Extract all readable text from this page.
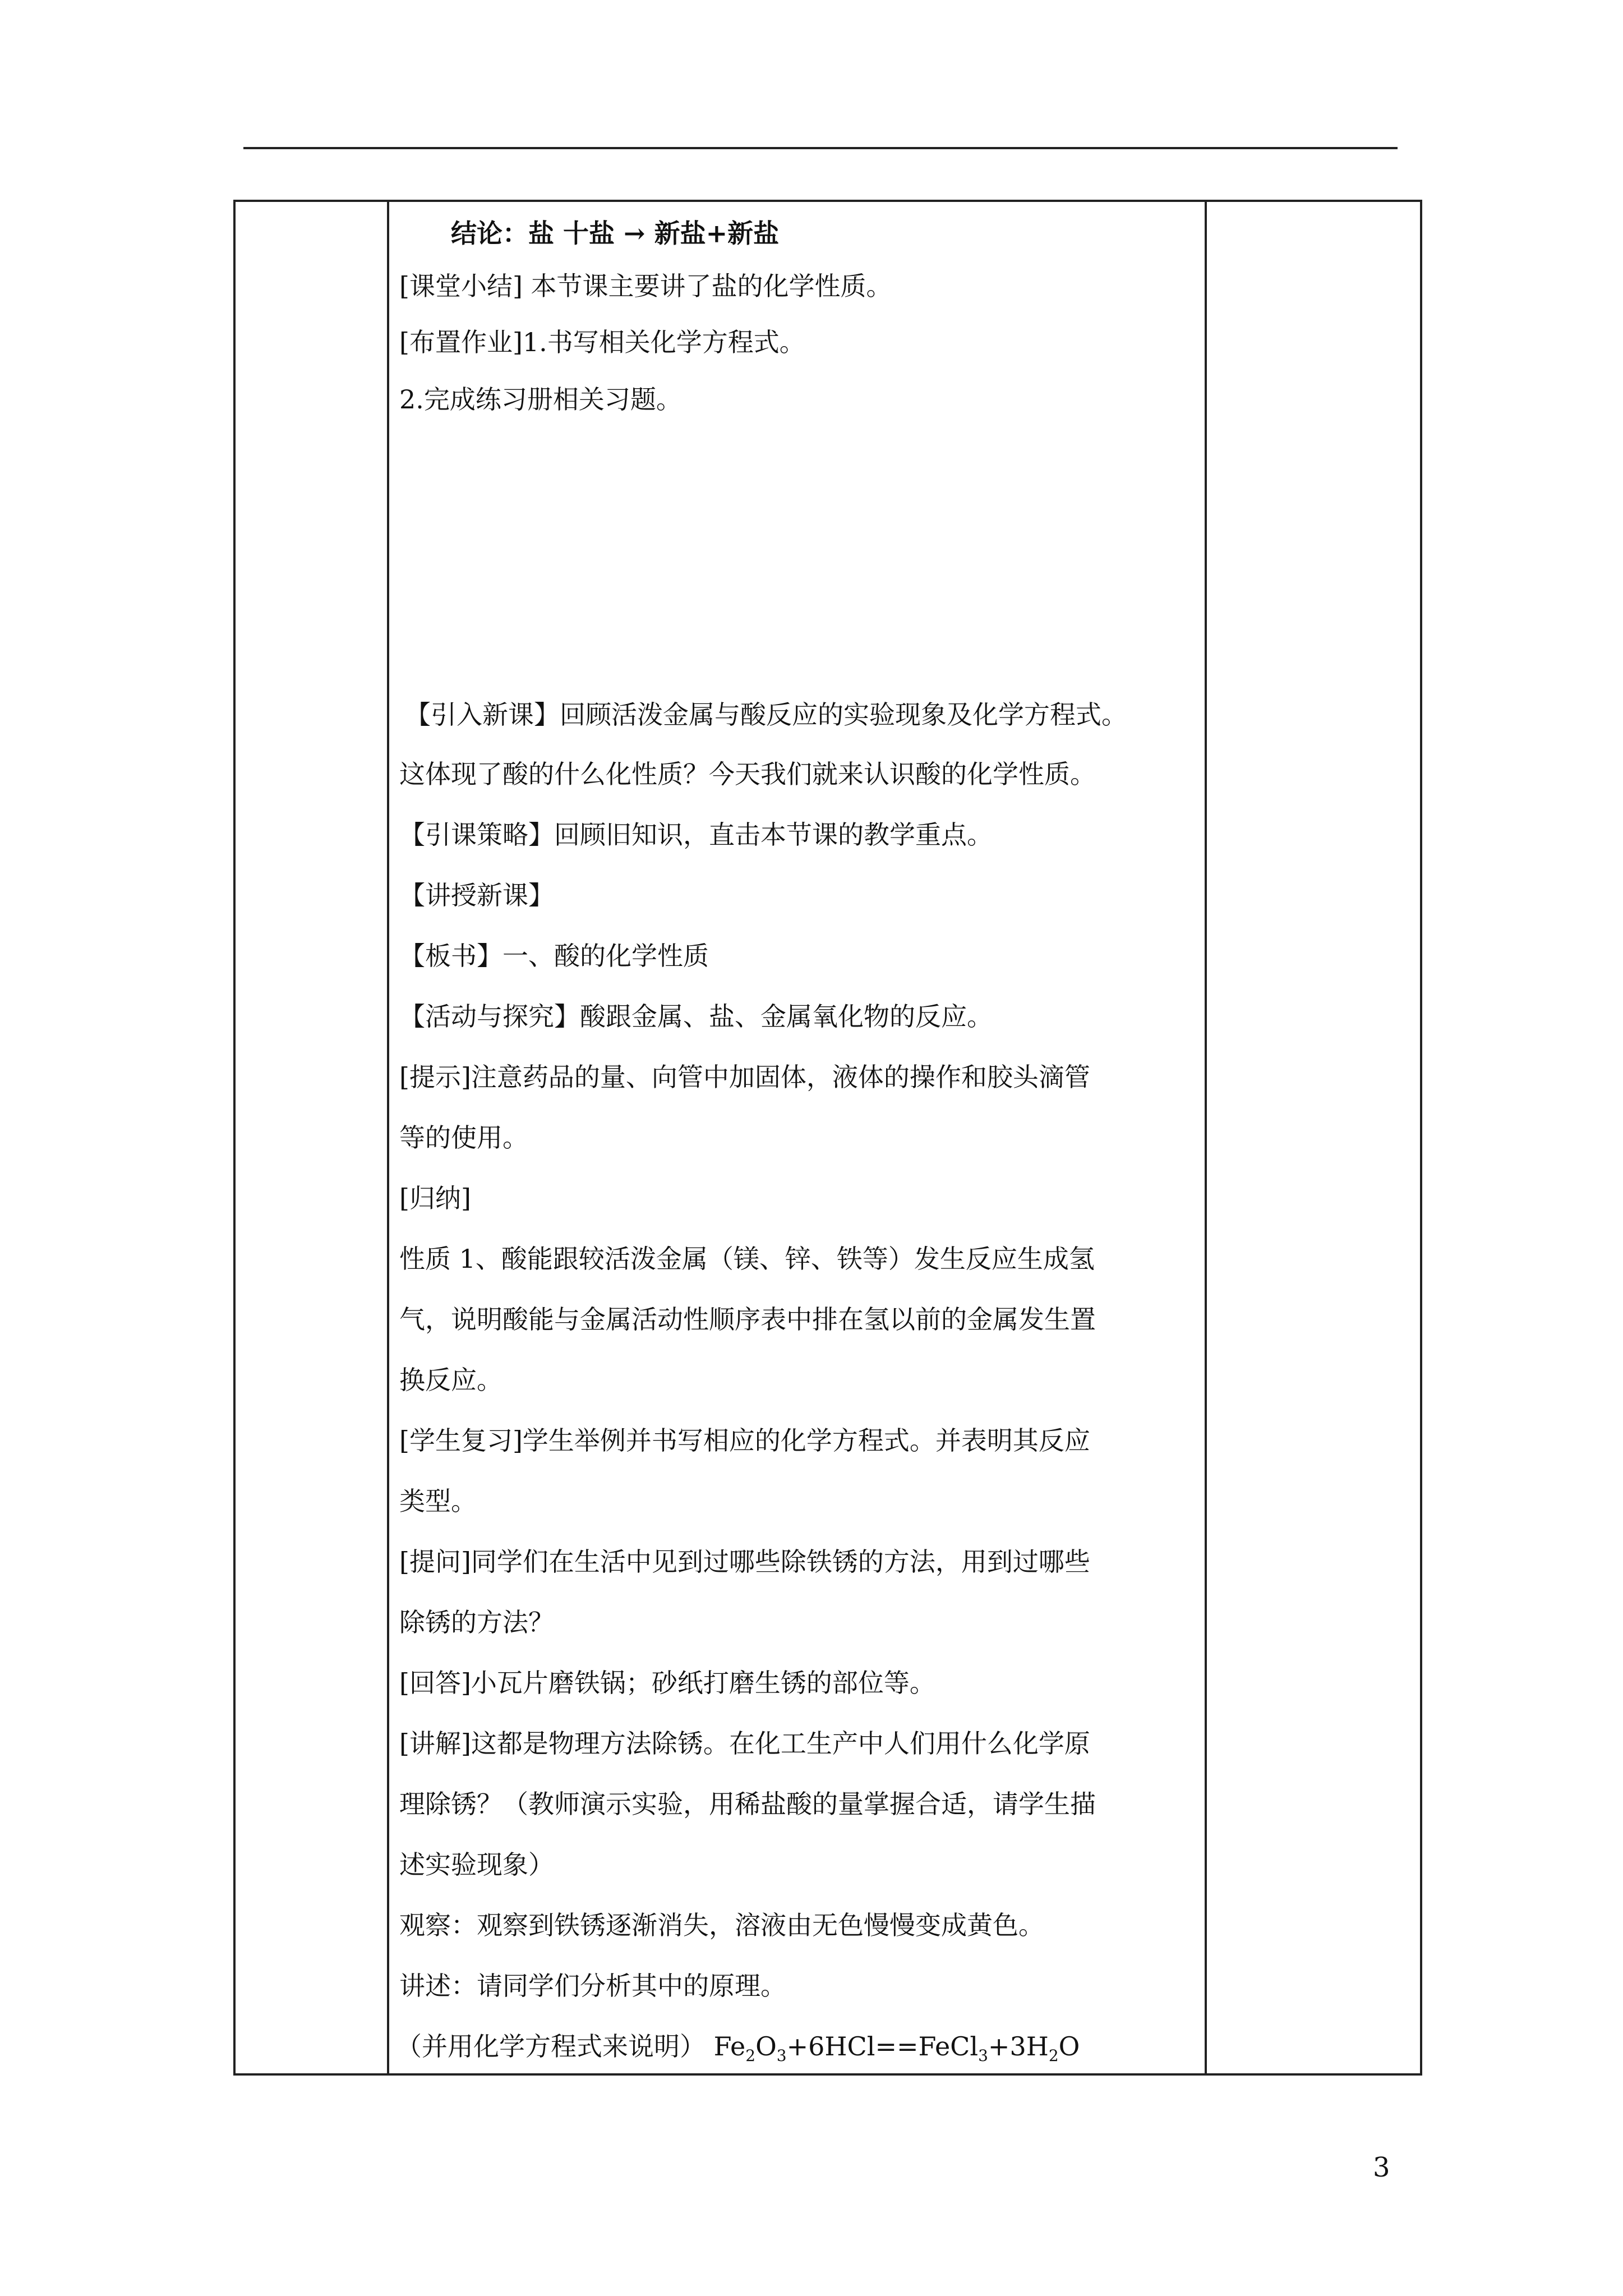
结论：盐 十盐 → 新盐+新盐
[课堂小结] 本节课主要讲了盐的化学性质。
[布置作业]1.书写相关化学方程式。
2.完成练习册相关习题。
【引入新课】回顾活泼金属与酸反应的实验现象及化学方程式。
这体现了酸的什么化性质？今天我们就来认识酸的化学性质。
【引课策略】回顾旧知识，直击本节课的教学重点。
【讲授新课】
【板书】一、酸的化学性质
【活动与探究】酸跟金属、盐、金属氧化物的反应。
[提示]注意药品的量、向管中加固体，液体的操作和胶头滴管
等的使用。
[归纳]
性质 1、酸能跟较活泼金属（镁、锌、铁等）发生反应生成氢
气，说明酸能与金属活动性顺序表中排在氢以前的金属发生置
换反应。
[学生复习]学生举例并书写相应的化学方程式。并表明其反应
类型。
[提问]同学们在生活中见到过哪些除铁锈的方法，用到过哪些
除锈的方法？
[回答]小瓦片磨铁锅；砂纸打磨生锈的部位等。
[讲解]这都是物理方法除锈。在化工生产中人们用什么化学原
理除锈？（教师演示实验，用稀盐酸的量掌握合适，请学生描
述实验现象）
观察：观察到铁锈逐渐消失，溶液由无色慢慢变成黄色。
讲述：请同学们分析其中的原理。
（并用化学方程式来说明） $Fe_2O_3+6HCl==FeCl_3+3H_2O$
3
